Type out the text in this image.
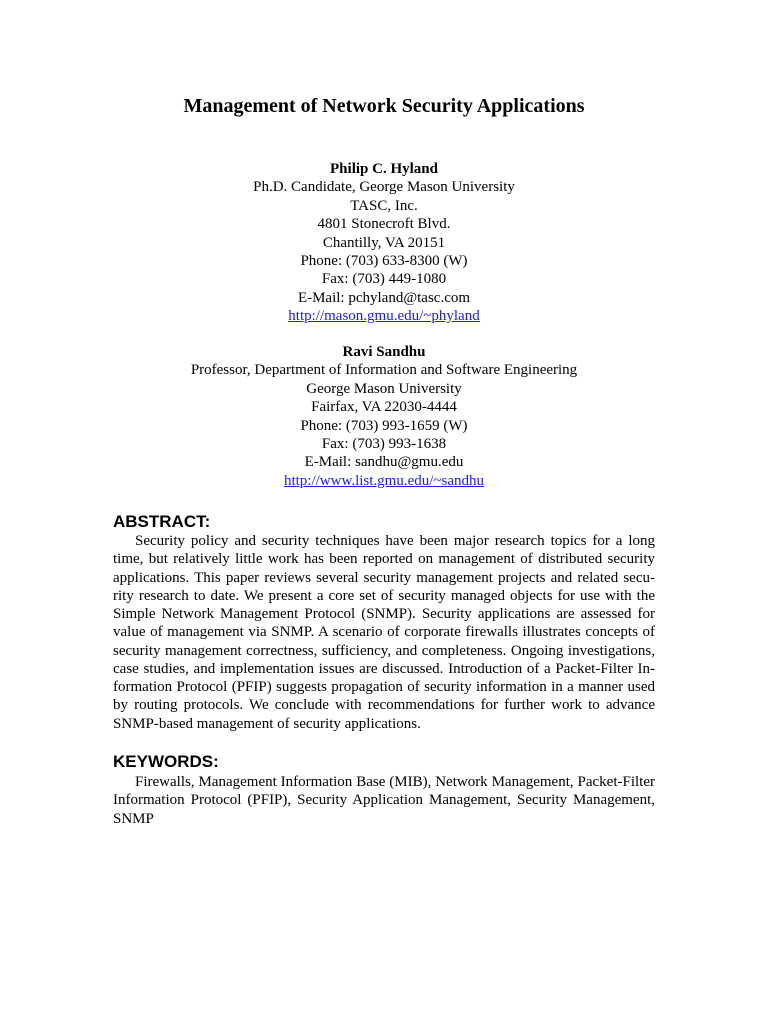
Management of Network Security Applications
Philip C. Hyland
Ph.D. Candidate, George Mason University
TASC, Inc.
4801 Stonecroft Blvd.
Chantilly, VA 20151
Phone: (703) 633-8300 (W)
Fax: (703) 449-1080
E-Mail: pchyland@tasc.com
http://mason.gmu.edu/~phyland
Ravi Sandhu
Professor, Department of Information and Software Engineering
George Mason University
Fairfax, VA 22030-4444
Phone: (703) 993-1659 (W)
Fax: (703) 993-1638
E-Mail: sandhu@gmu.edu
http://www.list.gmu.edu/~sandhu
ABSTRACT:
Security policy and security techniques have been major research topics for a long time, but relatively little work has been reported on management of distributed security applications. This paper reviews several security management projects and related security research to date. We present a core set of security managed objects for use with the Simple Network Management Protocol (SNMP). Security applications are assessed for value of management via SNMP. A scenario of corporate firewalls illustrates concepts of security management correctness, sufficiency, and completeness. Ongoing investigations, case studies, and implementation issues are discussed. Introduction of a Packet-Filter Information Protocol (PFIP) suggests propagation of security information in a manner used by routing protocols. We conclude with recommendations for further work to advance SNMP-based management of security applications.
KEYWORDS:
Firewalls, Management Information Base (MIB), Network Management, Packet-Filter Information Protocol (PFIP), Security Application Management, Security Management, SNMP
